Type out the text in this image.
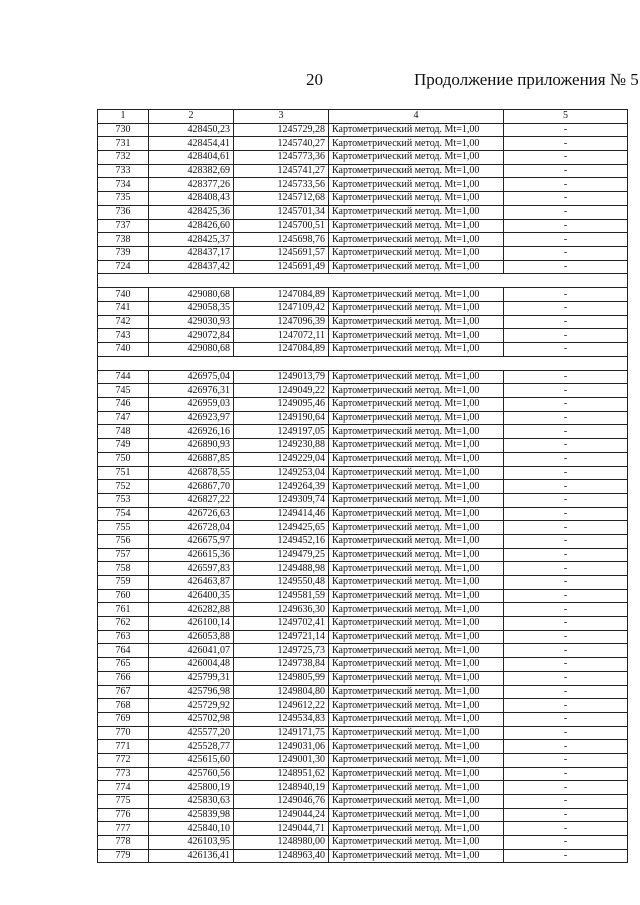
20	Продолжение приложения № 5
1	2	3	4	5
730	428450,23	1245729,28	Картометрический метод. Mt=1,00	-
731	428454,41	1245740,27	Картометрический метод. Mt=1,00	-
732	428404,61	1245773,36	Картометрический метод. Mt=1,00	-
733	428382,69	1245741,27	Картометрический метод. Mt=1,00	-
734	428377,26	1245733,56	Картометрический метод. Mt=1,00	-
735	428408,43	1245712,68	Картометрический метод. Mt=1,00	-
736	428425,36	1245701,34	Картометрический метод. Mt=1,00	-
737	428426,60	1245700,51	Картометрический метод. Mt=1,00	-
738	428425,37	1245698,76	Картометрический метод. Mt=1,00	-
739	428437,17	1245691,57	Картометрический метод. Mt=1,00	-
724	428437,42	1245691,49	Картометрический метод. Mt=1,00	-

740	429080,68	1247084,89	Картометрический метод. Mt=1,00	-
741	429058,35	1247109,42	Картометрический метод. Mt=1,00	-
742	429030,93	1247096,39	Картометрический метод. Mt=1,00	-
743	429072,84	1247072,11	Картометрический метод. Mt=1,00	-
740	429080,68	1247084,89	Картометрический метод. Mt=1,00	-

744	426975,04	1249013,79	Картометрический метод. Mt=1,00	-
745	426976,31	1249049,22	Картометрический метод. Mt=1,00	-
746	426959,03	1249095,46	Картометрический метод. Mt=1,00	-
747	426923,97	1249190,64	Картометрический метод. Mt=1,00	-
748	426926,16	1249197,05	Картометрический метод. Mt=1,00	-
749	426890,93	1249230,88	Картометрический метод. Mt=1,00	-
750	426887,85	1249229,04	Картометрический метод. Mt=1,00	-
751	426878,55	1249253,04	Картометрический метод. Mt=1,00	-
752	426867,70	1249264,39	Картометрический метод. Mt=1,00	-
753	426827,22	1249309,74	Картометрический метод. Mt=1,00	-
754	426726,63	1249414,46	Картометрический метод. Mt=1,00	-
755	426728,04	1249425,65	Картометрический метод. Mt=1,00	-
756	426675,97	1249452,16	Картометрический метод. Mt=1,00	-
757	426615,36	1249479,25	Картометрический метод. Mt=1,00	-
758	426597,83	1249488,98	Картометрический метод. Mt=1,00	-
759	426463,87	1249550,48	Картометрический метод. Mt=1,00	-
760	426400,35	1249581,59	Картометрический метод. Mt=1,00	-
761	426282,88	1249636,30	Картометрический метод. Mt=1,00	-
762	426100,14	1249702,41	Картометрический метод. Mt=1,00	-
763	426053,88	1249721,14	Картометрический метод. Mt=1,00	-
764	426041,07	1249725,73	Картометрический метод. Mt=1,00	-
765	426004,48	1249738,84	Картометрический метод. Mt=1,00	-
766	425799,31	1249805,99	Картометрический метод. Mt=1,00	-
767	425796,98	1249804,80	Картометрический метод. Mt=1,00	-
768	425729,92	1249612,22	Картометрический метод. Mt=1,00	-
769	425702,98	1249534,83	Картометрический метод. Mt=1,00	-
770	425577,20	1249171,75	Картометрический метод. Mt=1,00	-
771	425528,77	1249031,06	Картометрический метод. Mt=1,00	-
772	425615,60	1249001,30	Картометрический метод. Mt=1,00	-
773	425760,56	1248951,62	Картометрический метод. Mt=1,00	-
774	425800,19	1248940,19	Картометрический метод. Mt=1,00	-
775	425830,63	1249046,76	Картометрический метод. Mt=1,00	-
776	425839,98	1249044,24	Картометрический метод. Mt=1,00	-
777	425840,10	1249044,71	Картометрический метод. Mt=1,00	-
778	426103,95	1248980,00	Картометрический метод. Mt=1,00	-
779	426136,41	1248963,40	Картометрический метод. Mt=1,00	-
